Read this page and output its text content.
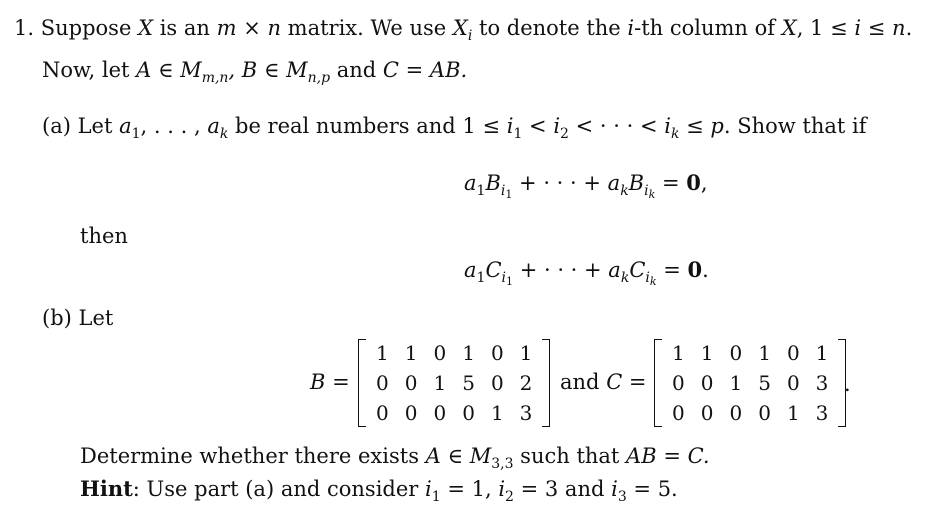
1. Suppose X is an m × n matrix. We use $X_i$ to denote the i-th column of X, 1 ≤ i ≤ n.
Now, let A ∈ $M_{m,n}$, B ∈ $M_{n,p}$ and C = AB.
(a) Let $a_1$, . . . , $a_k$ be real numbers and $1 \le i_1 < i_2$ < · · · < $i_k \le p$. Show that if
$a_1B_{i_1}$ + · · · + $a_kB_{i_k} = 0$,
then
$a_1C_{i_1}$ + · · · + $a_kC_{i_k} = 0$.
(b) Let
B =
1	1	0	1	0	1
0	0	1	5	0	2
0	0	0	0	1	3
and C =
1	1	0	1	0	1
0	0	1	5	0	3
0	0	0	0	1	3
.
Determine whether there exists A ∈ $M_{3,3}$ such that AB = C.
Hint: Use part (a) and consider $i_1 = 1$, $i_2 = 3$ and $i_3 = 5$.
